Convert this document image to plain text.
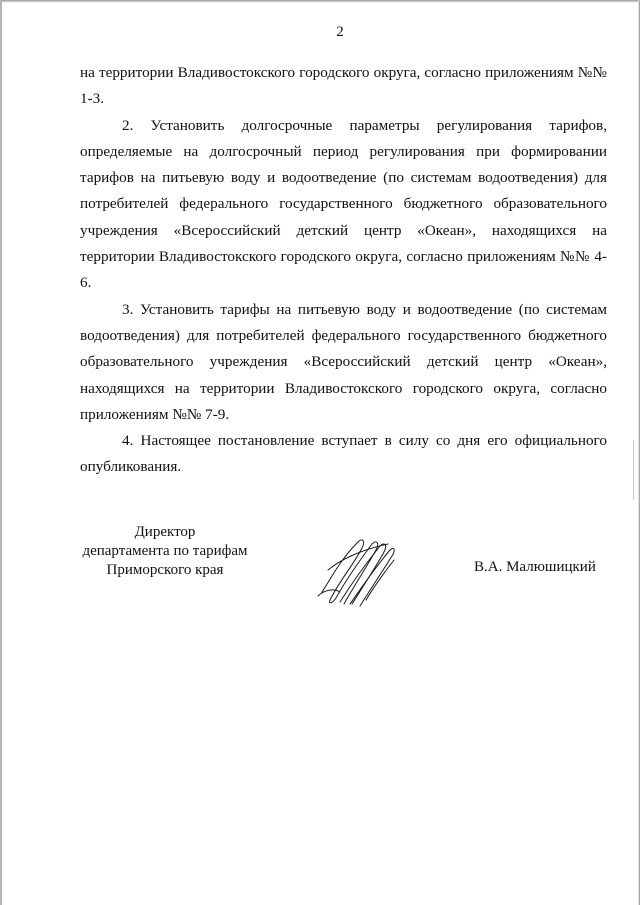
2

на территории Владивостокского городского округа, согласно приложениям №№ 1-3.

2. Установить долгосрочные параметры регулирования тарифов, определяемые на долгосрочный период регулирования при формировании тарифов на питьевую воду и водоотведение (по системам водоотведения) для потребителей федерального государственного бюджетного образовательного учреждения «Всероссийский детский центр «Океан», находящихся на территории Владивостокского городского округа, согласно приложениям №№ 4-6.

3. Установить тарифы на питьевую воду и водоотведение (по системам водоотведения) для потребителей федерального государственного бюджетного образовательного учреждения «Всероссийский детский центр «Океан», находящихся на территории Владивостокского городского округа, согласно приложениям №№ 7-9.

4. Настоящее постановление вступает в силу со дня его официального опубликования.

Директор
департамента по тарифам
Приморского края	В.А. Малюшицкий
